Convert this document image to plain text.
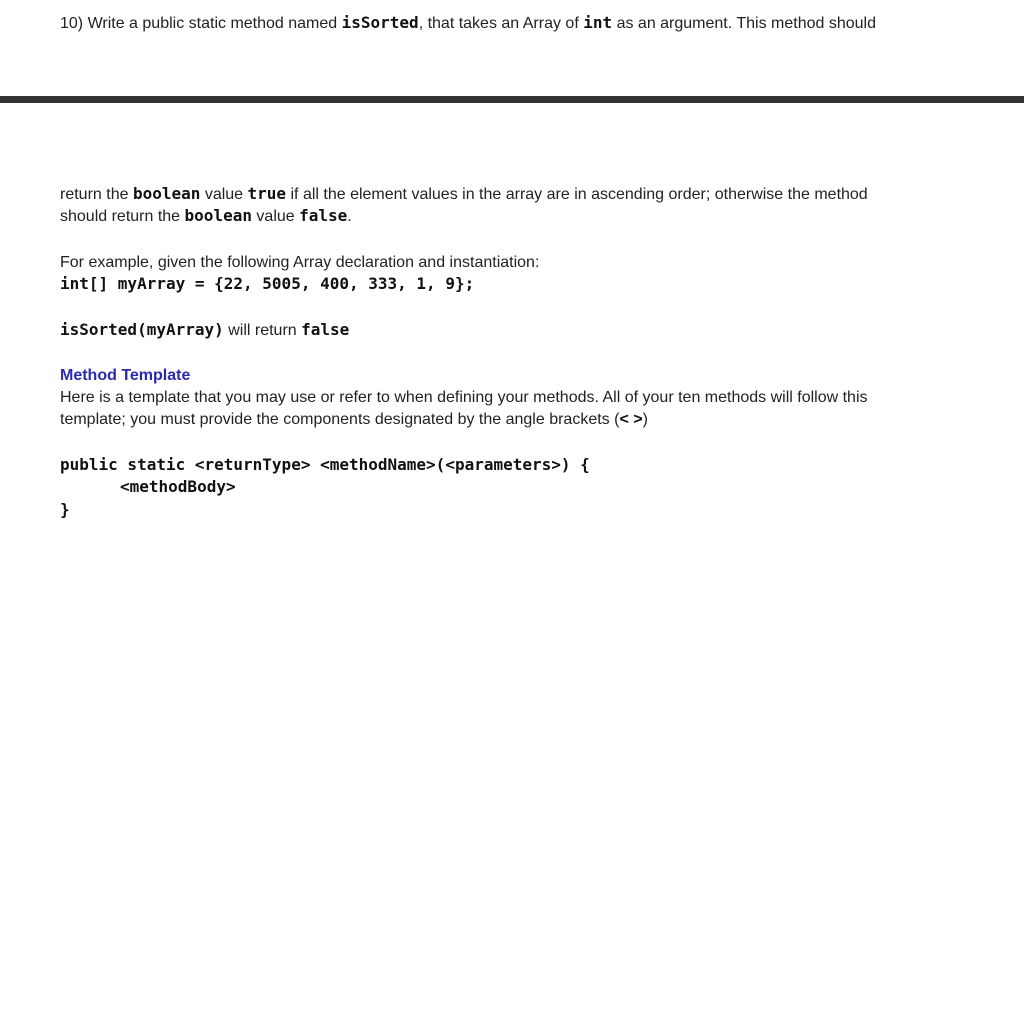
10) Write a public static method named isSorted, that takes an Array of int as an argument. This method should
return the boolean value true if all the element values in the array are in ascending order; otherwise the method
should return the boolean value false.
For example, given the following Array declaration and instantiation:
int[] myArray = {22, 5005, 400, 333, 1, 9};
isSorted(myArray) will return false
Method Template
Here is a template that you may use or refer to when defining your methods. All of your ten methods will follow this
template; you must provide the components designated by the angle brackets (< >)
public static <returnType> <methodName>(<parameters>) {
<methodBody>
}
